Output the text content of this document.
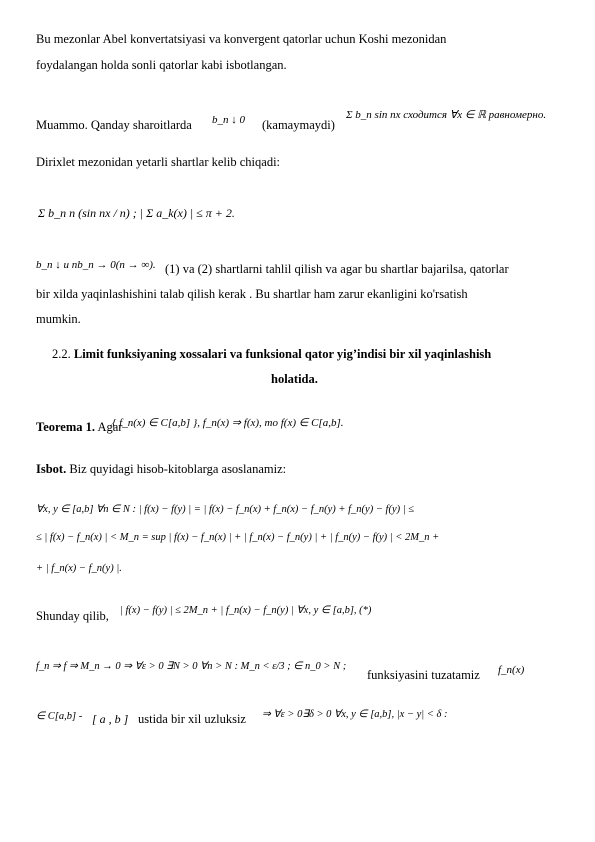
Bu mezonlar Abel konvertatsiyasi va konvergent qatorlar uchun Koshi mezonidan
foydalangan holda sonli qatorlar kabi isbotlangan.
Muammo. Qanday sharoitlarda b_n ↓ 0 (kamaymaydi)
Σ b_n sin nx сходится ∀x ∈ ℝ равномерно.
Dirixlet mezonidan yetarli shartlar kelib chiqadi:
Σ b_n n (sin nx / n) ; | Σ a_k(x) | ≤ π + 2.
b_n ↓ и nb_n → 0(n → ∞). (1) va (2) shartlarni tahlil qilish va agar bu shartlar bajarilsa, qatorlar
bir xilda yaqinlashishini talab qilish kerak . Bu shartlar ham zarur ekanligini ko'rsatish
mumkin.
2.2. Limit funksiyaning xossalari va funksional qator yig’indisi bir xil yaqinlashish
holatida.
Teorema 1. Agar
{ f_n(x) ∈ C[a,b] }, f_n(x) ⇒ f(x), то f(x) ∈ C[a,b].
Isbot. Biz quyidagi hisob-kitoblarga asoslanamiz:
∀x, y ∈ [a,b] ∀n ∈ N : | f(x) − f(y) | = | f(x) − f_n(x) + f_n(x) − f_n(y) + f_n(y) − f(y) | ≤
≤ | f(x) − f_n(x) | < M_n = sup | f(x) − f_n(x) | + | f_n(x) − f_n(y) | + | f_n(y) − f(y) | < 2M_n +
+ | f_n(x) − f_n(y) |.
Shunday qilib, | f(x) − f(y) | ≤ 2M_n + | f_n(x) − f_n(y) | ∀x, y ∈ [a,b], (*)
f_n ⇒ f ⇒ M_n → 0 ⇒ ∀ε > 0 ∃N > 0 ∀n > N : M_n < ε/3 ; ∈ n_0 > N ;
funksiyasini tuzatamiz f_n(x)
∈ C[a,b] - [ a , b ] ustida bir xil uzluksiz ⇒ ∀ε > 0∃δ > 0 ∀x, y ∈ [a,b], |x − y| < δ :
